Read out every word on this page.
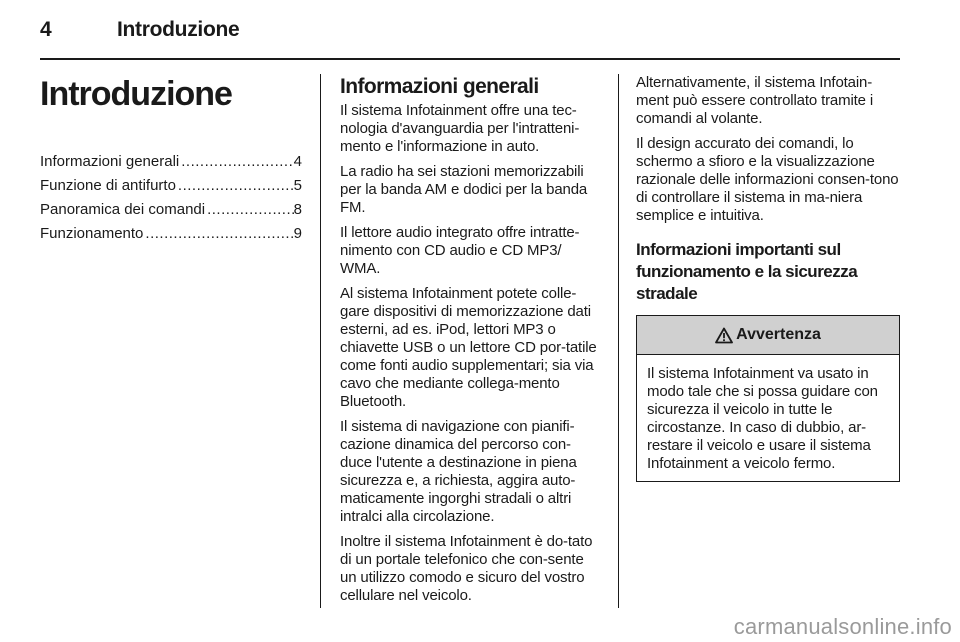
4	Introduzione
Introduzione
Informazioni generali .....	4
Funzione di antifurto .....	5
Panoramica dei comandi .....	8
Funzionamento .....	9
Informazioni generali

Il sistema Infotainment offre una tec-nologia d'avanguardia per l'intratteni-mento e l'informazione in auto.

La radio ha sei stazioni memorizzabili per la banda AM e dodici per la banda FM.

Il lettore audio integrato offre intratte-nimento con CD audio e CD MP3/ WMA.

Al sistema Infotainment potete colle-gare dispositivi di memorizzazione dati esterni, ad es. iPod, lettori MP3 o chiavette USB o un lettore CD por-tatile come fonti audio supplementari; sia via cavo che mediante collega-mento Bluetooth.

Il sistema di navigazione con pianifi-cazione dinamica del percorso con-duce l'utente a destinazione in piena sicurezza e, a richiesta, aggira auto-maticamente ingorghi stradali o altri intralci alla circolazione.

Inoltre il sistema Infotainment è do-tato di un portale telefonico che con-sente un utilizzo comodo e sicuro del vostro cellulare nel veicolo.

Alternativamente, il sistema Infotain-ment può essere controllato tramite i comandi al volante.

Il design accurato dei comandi, lo schermo a sfioro e la visualizzazione razionale delle informazioni consen-tono di controllare il sistema in ma-niera semplice e intuitiva.

Informazioni importanti sul funzionamento e la sicurezza stradale
Avvertenza
Il sistema Infotainment va usato in modo tale che si possa guidare con sicurezza il veicolo in tutte le circostanze. In caso di dubbio, ar-restare il veicolo e usare il sistema Infotainment a veicolo fermo.
carmanualsonline.info
